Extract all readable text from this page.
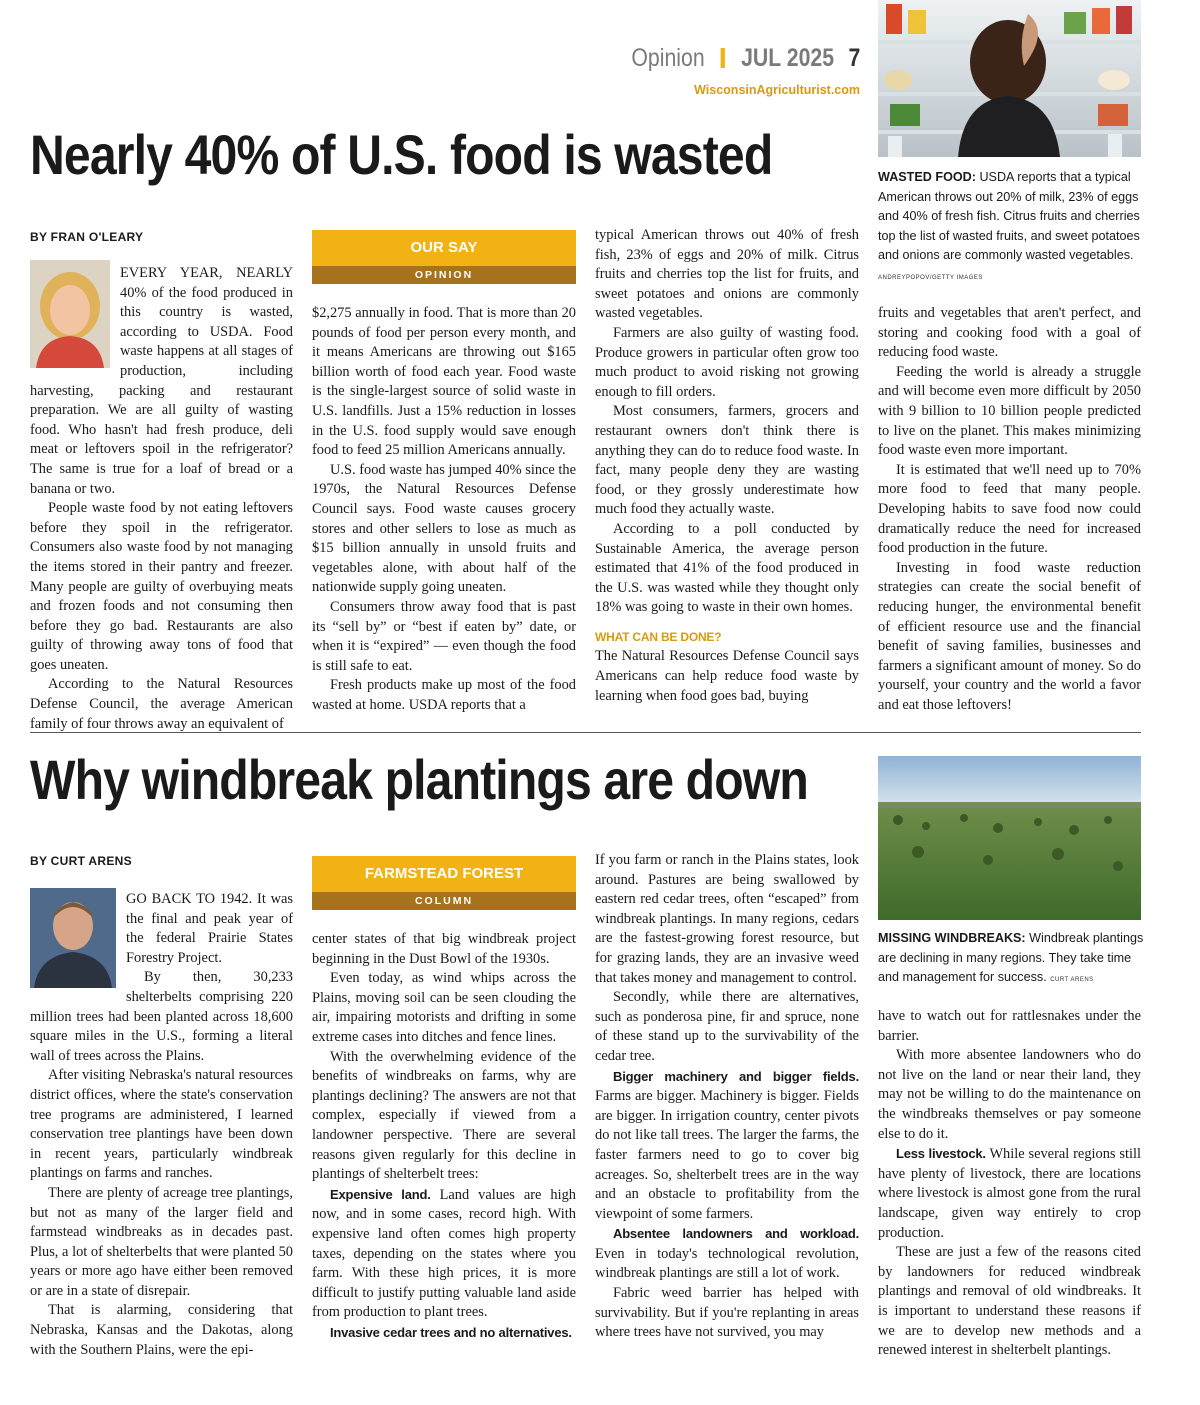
Opinion JUL 2025 7
WisconsinAgriculturist.com
Nearly 40% of U.S. food is wasted	WASTED FOOD: USDA reports that a typical American throws out 20% of milk, 23% of eggs and 40% of fresh fish. Citrus fruits and cherries top the list of wasted fruits, and sweet potatoes and onions are commonly wasted vegetables. ANDREYPOPOV/GETTY IMAGES
BY FRAN O'LEARY

EVERY YEAR, NEARLY 40% of the food produced in this country is wasted, according to USDA. Food waste happens at all stages of production, including harvesting, packing and restaurant preparation. We are all guilty of wasting food. Who hasn't had fresh produce, deli meat or leftovers spoil in the refrigerator? The same is true for a loaf of bread or a banana or two.

People waste food by not eating leftovers before they spoil in the refrigerator. Consumers also waste food by not managing the items stored in their pantry and freezer. Many people are guilty of overbuying meats and frozen foods and not consuming then before they go bad. Restaurants are also guilty of throwing away tons of food that goes uneaten.

According to the Natural Resources Defense Council, the average American family of four throws away an equivalent of

OUR SAY
OPINION

$2,275 annually in food. That is more than 20 pounds of food per person every month, and it means Americans are throwing out $165 billion worth of food each year. Food waste is the single-largest source of solid waste in U.S. landfills. Just a 15% reduction in losses in the U.S. food supply would save enough food to feed 25 million Americans annually.

U.S. food waste has jumped 40% since the 1970s, the Natural Resources Defense Council says. Food waste causes grocery stores and other sellers to lose as much as $15 billion annually in unsold fruits and vegetables alone, with about half of the nationwide supply going uneaten.

Consumers throw away food that is past its “sell by” or “best if eaten by” date, or when it is “expired” — even though the food is still safe to eat.

Fresh products make up most of the food wasted at home. USDA reports that a

typical American throws out 40% of fresh fish, 23% of eggs and 20% of milk. Citrus fruits and cherries top the list for fruits, and sweet potatoes and onions are commonly wasted vegetables.

Farmers are also guilty of wasting food. Produce growers in particular often grow too much product to avoid risking not growing enough to fill orders.

Most consumers, farmers, grocers and restaurant owners don't think there is anything they can do to reduce food waste. In fact, many people deny they are wasting food, or they grossly underestimate how much food they actually waste.

According to a poll conducted by Sustainable America, the average person estimated that 41% of the food produced in the U.S. was wasted while they thought only 18% was going to waste in their own homes.

WHAT CAN BE DONE?

The Natural Resources Defense Council says Americans can help reduce food waste by learning when food goes bad, buying

fruits and vegetables that aren't perfect, and storing and cooking food with a goal of reducing food waste.

Feeding the world is already a struggle and will become even more difficult by 2050 with 9 billion to 10 billion people predicted to live on the planet. This makes minimizing food waste even more important.

It is estimated that we'll need up to 70% more food to feed that many people. Developing habits to save food now could dramatically reduce the need for increased food production in the future.

Investing in food waste reduction strategies can create the social benefit of reducing hunger, the environmental benefit of efficient resource use and the financial benefit of saving families, businesses and farmers a significant amount of money. So do yourself, your country and the world a favor and eat those leftovers!

Why windbreak plantings are down
MISSING WINDBREAKS: Windbreak plantings are declining in many regions. They take time and management for success. CURT ARENS
BY CURT ARENS

GO BACK TO 1942. It was the final and peak year of the federal Prairie States Forestry Project.

By then, 30,233 shelterbelts comprising 220 million trees had been planted across 18,600 square miles in the U.S., forming a literal wall of trees across the Plains.

After visiting Nebraska's natural resources district offices, where the state's conservation tree programs are administered, I learned conservation tree plantings have been down in recent years, particularly windbreak plantings on farms and ranches.

There are plenty of acreage tree plantings, but not as many of the larger field and farmstead windbreaks as in decades past. Plus, a lot of shelterbelts that were planted 50 years or more ago have either been removed or are in a state of disrepair.

That is alarming, considering that Nebraska, Kansas and the Dakotas, along with the Southern Plains, were the epi-

FARMSTEAD FOREST
COLUMN

center states of that big windbreak project beginning in the Dust Bowl of the 1930s.

Even today, as wind whips across the Plains, moving soil can be seen clouding the air, impairing motorists and drifting in some extreme cases into ditches and fence lines.

With the overwhelming evidence of the benefits of windbreaks on farms, why are plantings declining? The answers are not that complex, especially if viewed from a landowner perspective. There are several reasons given regularly for this decline in plantings of shelterbelt trees:

Expensive land. Land values are high now, and in some cases, record high. With expensive land often comes high property taxes, depending on the states where you farm. With these high prices, it is more difficult to justify putting valuable land aside from production to plant trees.

Invasive cedar trees and no alternatives.

If you farm or ranch in the Plains states, look around. Pastures are being swallowed by eastern red cedar trees, often “escaped” from windbreak plantings. In many regions, cedars are the fastest-growing forest resource, but for grazing lands, they are an invasive weed that takes money and management to control.

Secondly, while there are alternatives, such as ponderosa pine, fir and spruce, none of these stand up to the survivability of the cedar tree.

Bigger machinery and bigger fields. Farms are bigger. Machinery is bigger. Fields are bigger. In irrigation country, center pivots do not like tall trees. The larger the farms, the faster farmers need to go to cover big acreages. So, shelterbelt trees are in the way and an obstacle to profitability from the viewpoint of some farmers.

Absentee landowners and workload. Even in today's technological revolution, windbreak plantings are still a lot of work.

Fabric weed barrier has helped with survivability. But if you're replanting in areas where trees have not survived, you may

have to watch out for rattlesnakes under the barrier.

With more absentee landowners who do not live on the land or near their land, they may not be willing to do the maintenance on the windbreaks themselves or pay someone else to do it.

Less livestock. While several regions still have plenty of livestock, there are locations where livestock is almost gone from the rural landscape, given way entirely to crop production.

These are just a few of the reasons cited by landowners for reduced windbreak plantings and removal of old windbreaks. It is important to understand these reasons if we are to develop new methods and a renewed interest in shelterbelt plantings.
